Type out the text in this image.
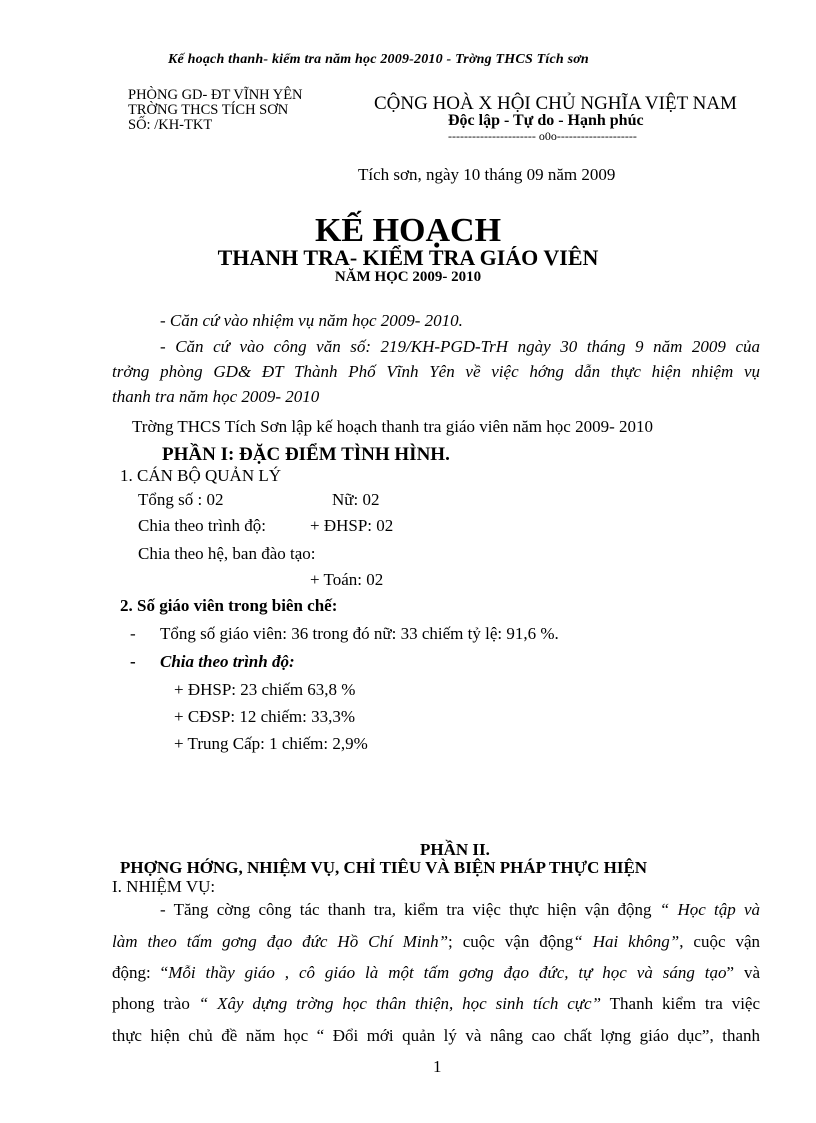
Kế hoạch thanh- kiểm tra năm học 2009-2010 - Trờng THCS Tích sơn
PHÒNG GD- ĐT VĨNH YÊN
TRỜNG THCS TÍCH SƠN
SỐ: /KH-TKT
CỘNG HOÀ X HỘI CHỦ NGHĨA VIỆT NAM
Độc lập - Tự do - Hạnh phúc
---------------------- o0o--------------------
Tích sơn, ngày 10 tháng 09 năm 2009
KẾ HOẠCH
THANH TRA- KIỂM TRA GIÁO VIÊN
NĂM HỌC 2009- 2010
- Căn cứ vào nhiệm vụ năm học 2009- 2010.
- Căn cứ vào công văn số: 219/KH-PGD-TrH ngày 30 tháng 9 năm 2009 của
trởng phòng GD& ĐT Thành Phố Vĩnh Yên về việc hớng dẫn thực hiện nhiệm vụ
thanh tra năm học 2009- 2010
Trờng THCS Tích Sơn lập kế hoạch thanh tra giáo viên năm học 2009- 2010
PHẦN I: ĐẶC ĐIỂM TÌNH HÌNH.
1. CÁN BỘ QUẢN LÝ
Tổng số : 02	Nữ: 02
Chia theo trình độ:	+ ĐHSP: 02
Chia theo hệ, ban đào tạo:
+ Toán: 02
2. Số giáo viên trong biên chế:
- Tổng số giáo viên: 36 trong đó nữ: 33 chiếm tỷ lệ: 91,6 %.
- Chia theo trình độ:
+ ĐHSP: 23 chiếm 63,8 %
+ CĐSP: 12 chiếm: 33,3%
+ Trung Cấp: 1 chiếm: 2,9%
PHẦN II.
PHỢNG HỚNG, NHIỆM VỤ, CHỈ TIÊU VÀ BIỆN PHÁP THỰC HIỆN
I. NHIỆM VỤ:
- Tăng cờng công tác thanh tra, kiểm tra việc thực hiện vận động “ Học tập và
làm theo tấm gơng đạo đức Hồ Chí Minh”; cuộc vận động“ Hai không”, cuộc vận
động: “Mỗi thầy giáo , cô giáo là một tấm gơng đạo đức, tự học và sáng tạo” và
phong trào “ Xây dựng trờng học thân thiện, học sinh tích cực” Thanh kiểm tra việc
thực hiện chủ đề năm học “ Đổi mới quản lý và nâng cao chất lợng giáo dục”, thanh
1
